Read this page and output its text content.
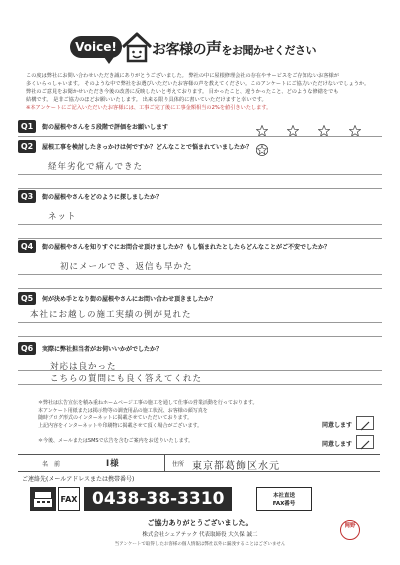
Voice!	お客様の声をお聞かせください

この度は弊社にお問い合わせいただき誠にありがとうございました。 弊社の中に屋根修理会社の存在やサービスをご存知ないお客様が

多くいらっしゃいます。 そのような中で弊社をお選びいただいたお客様の声を教えてください。このアンケートにご協力いただけないでしょうか。

弊社のご意見をお聞かせいただき今後の改善に反映したいと考えております。 目かったこと、違うかったこと、どのような修繕をでも

結構です。 是非ご協力のほどお願いいたします。 出来る限り具体的に書いていただけますと幸いです。

※本アンケートにご記入いただいたお客様には、工事ご完了後に工事金額相当の2%を値引きいたします。

Q1	街の屋根やさんを５段階で評価をお願いします

Q2	屋根工事を検討したきっかけは何ですか？どんなことで悩まれていましたか？
経年劣化で痛んできた
Q3	街の屋根やさんをどのように探しましたか？
ネット
Q4	街の屋根やさんを知りすぐにお問合せ頂けましたか？もし悩まれたとしたらどんなことがご不安でしたか？
初にメールでき、返信も早かた
Q5	何が決め手となり街の屋根やさんにお問い合わせ頂きましたか？
本社にお越しの施工実績の例が見れた
Q6	実際に弊社担当者がお伺いいかがでしたか？
対応は良かった
こちらの質問にも良く答えてくれた

＊弊社は広告宣伝を積み重ねホームページ工事の施工を通して仕事の営業活動を行っております。

本アンケート用紙または掲示物等の調査用品の施工状況、お客様の顔写真を

随時ブログ形式のインターネットに掲載させていただいております。

上記内容をインターネットや印刷物に掲載させて頂く場合がございます。	同意します

＊今後、メールまたはSMSで広告を含むご案内をお送りいたします。	同意します
名　前	I様	住所 東京都葛飾区水元
ご連絡先(メールアドレスまたは携帯番号)
FAX 0438-38-3310	本社直送
FAX番号
ご協力ありがとうございました。
株式会社シェアテック 代表取締役 大久保 誠二
当アンケートで取得したお客様の個人情報は弊社以外に漏洩することはございません
岡野
